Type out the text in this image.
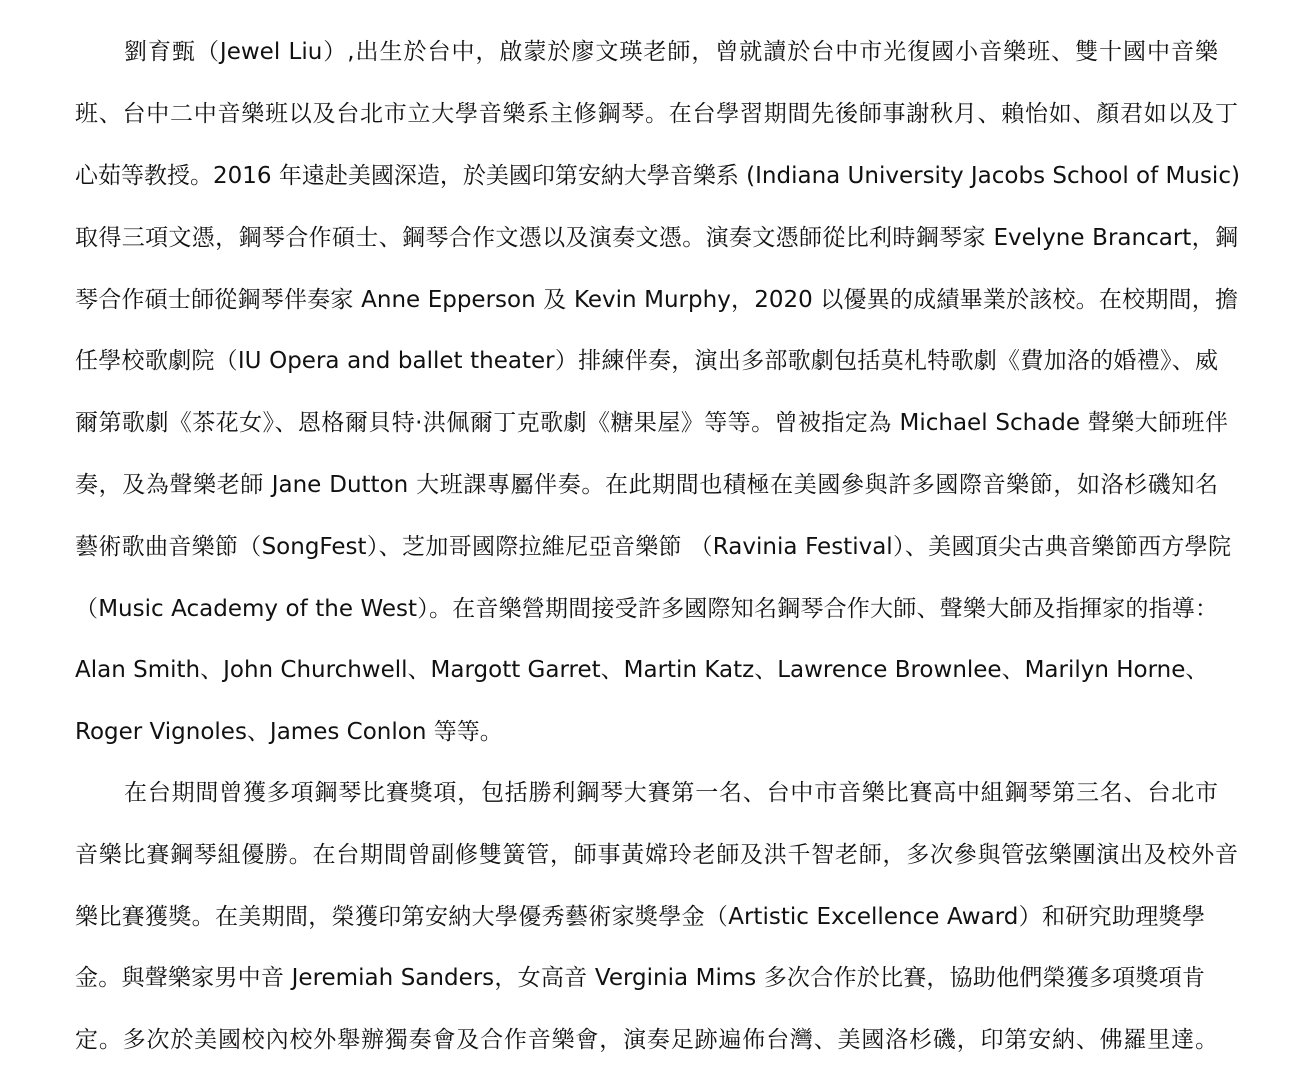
劉育甄（Jewel Liu）,出生於台中，啟蒙於廖文瑛老師，曾就讀於台中市光復國小音樂班、雙十國中音樂
班、台中二中音樂班以及台北市立大學音樂系主修鋼琴。在台學習期間先後師事謝秋月、賴怡如、顏君如以及丁
心茹等教授。2016 年遠赴美國深造，於美國印第安納大學音樂系 (Indiana University Jacobs School of Music)
取得三項文憑，鋼琴合作碩士、鋼琴合作文憑以及演奏文憑。演奏文憑師從比利時鋼琴家 Evelyne Brancart，鋼
琴合作碩士師從鋼琴伴奏家 Anne Epperson 及 Kevin Murphy，2020 以優異的成績畢業於該校。在校期間，擔
任學校歌劇院（IU Opera and ballet theater）排練伴奏，演出多部歌劇包括莫札特歌劇《費加洛的婚禮》、威
爾第歌劇《茶花女》、恩格爾貝特·洪佩爾丁克歌劇《糖果屋》等等。曾被指定為 Michael Schade 聲樂大師班伴
奏，及為聲樂老師 Jane Dutton 大班課專屬伴奏。在此期間也積極在美國參與許多國際音樂節，如洛杉磯知名
藝術歌曲音樂節（SongFest）、芝加哥國際拉維尼亞音樂節 （Ravinia Festival）、美國頂尖古典音樂節西方學院
（Music Academy of the West）。在音樂營期間接受許多國際知名鋼琴合作大師、聲樂大師及指揮家的指導：
Alan Smith、John Churchwell、Margott Garret、Martin Katz、Lawrence Brownlee、Marilyn Horne、
Roger Vignoles、James Conlon 等等。
在台期間曾獲多項鋼琴比賽獎項，包括勝利鋼琴大賽第一名、台中市音樂比賽高中組鋼琴第三名、台北市
音樂比賽鋼琴組優勝。在台期間曾副修雙簧管，師事黃嫦玲老師及洪千智老師，多次參與管弦樂團演出及校外音
樂比賽獲獎。在美期間，榮獲印第安納大學優秀藝術家獎學金（Artistic Excellence Award）和研究助理獎學
金。與聲樂家男中音 Jeremiah Sanders，女高音 Verginia Mims 多次合作於比賽，協助他們榮獲多項獎項肯
定。多次於美國校內校外舉辦獨奏會及合作音樂會，演奏足跡遍佈台灣、美國洛杉磯，印第安納、佛羅里達。
